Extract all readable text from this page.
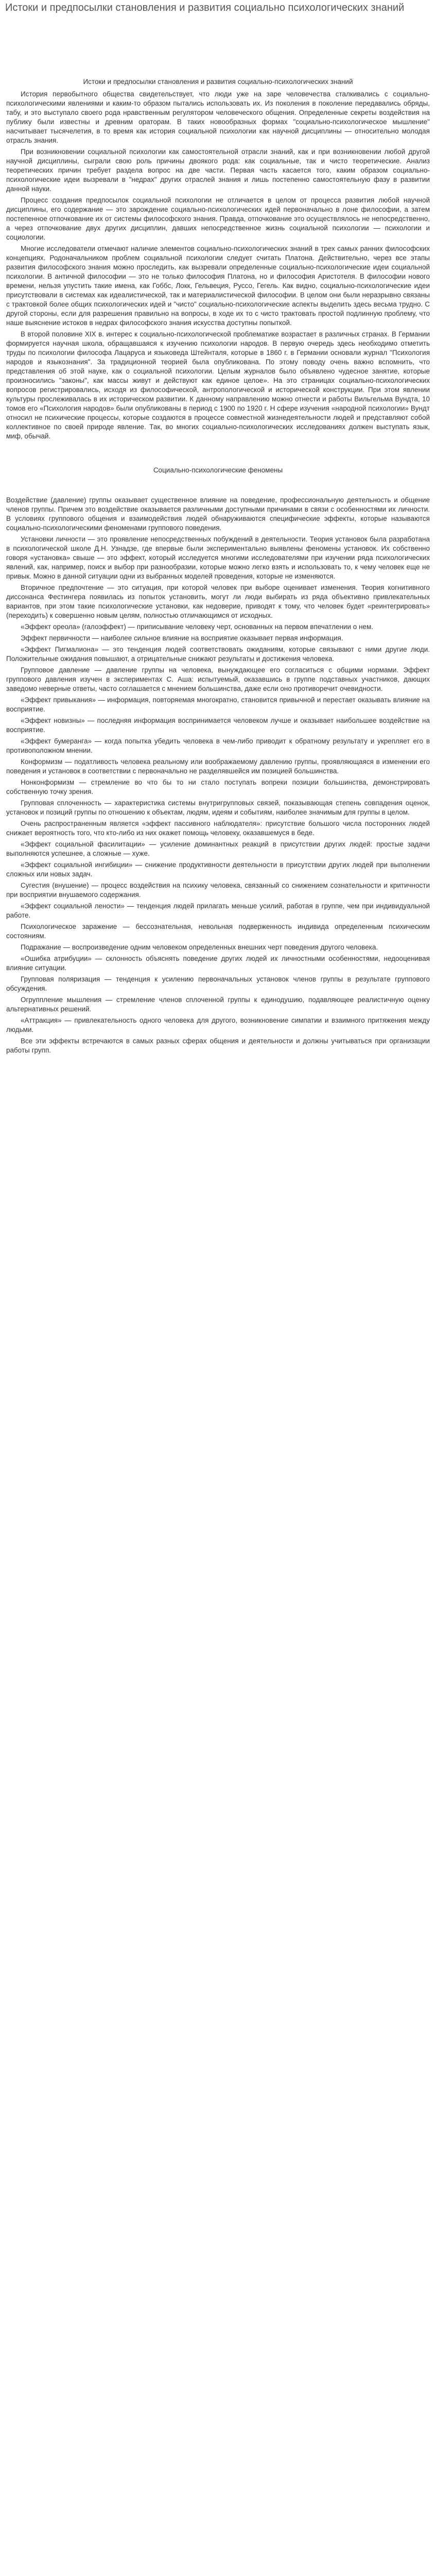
Истоки и предпосылки становления и развития социально психологических знаний
Истоки и предпосылки становления и развития социально-психологических знаний

История первобытного общества свидетельствует, что люди уже на заре человечества сталкивались с социально-психологическими явлениями и каким-то образом пытались использовать их. Из поколения в поколение передавались обряды, табу, и это выступало своего рода нравственным регулятором человеческого общения. Определенные секреты воздействия на публику были известны и древним ораторам. В таких новообразных формах "социально-психологическое мышление" насчитывает тысячелетия, в то время как история социальной психологии как научной дисциплины — относительно молодая отрасль знания.

При возникновении социальной психологии как самостоятельной отрасли знаний, как и при возникновении любой другой научной дисциплины, сыграли свою роль причины двоякого рода: как социальные, так и чисто теоретические. Анализ теоретических причин требует раздела вопрос на две части. Первая часть касается того, каким образом социально-психологические идеи вызревали в "недрах" других отраслей знания и лишь постепенно самостоятельную фазу в развитии данной науки.

Процесс создания предпосылок социальной психологии не отличается в целом от процесса развития любой научной дисциплины, его содержание — это зарождение социально-психологических идей первоначально в лоне философии, а затем постепенное отпочкование их от системы философского знания. Правда, отпочкование это осуществлялось не непосредственно, а через отпочкование двух других дисциплин, давших непосредственное жизнь социальной психологии — психологии и социологии.

Многие исследователи отмечают наличие элементов социально-психологических знаний в трех самых ранних философских концепциях. Родоначальником проблем социальной психологии следует считать Платона. Действительно, через все этапы развития философского знания можно проследить, как вызревали определенные социально-психологические идеи социальной психологии. В античной философии — это не только философия Платона, но и философия Аристотеля. В философии нового времени, нельзя упустить такие имена, как Гоббс, Локк, Гельвеция, Руссо, Гегель. Как видно, социально-психологические идеи присутствовали в системах как идеалистической, так и материалистической философии. В целом они были неразрывно связаны с трактовкой более общих психологических идей и "чисто" социально-психологические аспекты выделить здесь весьма трудно. С другой стороны, если для разрешения правильно на вопросы, в ходе их то с чисто трактовать простой подлинную проблему, что наше выяснение истоков в недрах философского знания искусства доступны попыткой.

В второй половине XIX в. интерес к социально-психологической проблематике возрастает в различных странах. В Германии формируется научная школа, обращавшаяся к изучению психологии народов. В первую очередь здесь необходимо отметить труды по психологии философа Лацаруса и языковеда Штейнталя, которые в 1860 г. в Германии основали журнал "Психология народов и языкознания". За традиционной теорией была опубликована. По этому поводу очень важно вспомнить, что представления об этой науке, как о социальной психологии. Целым журналов было объявлено чудесное занятие, которые произносились "законы", как массы живут и действуют как единое целое». На это страницах социально-психологических вопросов регистрировались, исходя из философической, антропологической и исторической конструкции. При этом явлении культуры прослеживалась в их историческом развитии. К данному направлению можно отнести и работы Вильгельма Вундта, 10 томов его «Психология народов» были опубликованы в период с 1900 по 1920 г. Н сфере изучения «народной психологии» Вундт относил не психические процессы, которые создаются в процессе совместной жизнедеятельности людей и представляют собой коллективное по своей природе явление. Так, во многих социально-психологических исследованиях должен выступать язык, миф, обычай.

Социально-психологические феномены

Воздействие (давление) группы оказывает существенное влияние на поведение, профессиональную деятельность и общение членов группы. Причем это воздействие оказывается различными доступными причинами в связи с особенностями их личности. В условиях группового общения и взаимодействия людей обнаруживаются специфические эффекты, которые называются социально-психологическими феноменами группового поведения.

Установки личности — это проявление непосредственных побуждений в деятельности. Теория установок была разработана в психологической школе Д.Н. Узнадзе, где впервые были экспериментально выявлены феномены установок. Их собственно говоря «установка» свыше — это эффект, который исследуется многими исследователями при изучении ряда психологических явлений, как, например, поиск и выбор при разнообразии, которые можно легко взять и использовать то, к чему человек еще не привык. Можно в данной ситуации одни из выбранных моделей проведения, которые не изменяются.

Вторичное предпочтение — это ситуация, при которой человек при выборе оценивает изменения. Теория когнитивного диссонанса Фестингера появилась из попыток установить, могут ли люди выбирать из ряда объективно привлекательных вариантов, при этом такие психологические установки, как недоверие, приводят к тому, что человек будет «реинтегрировать» (переходить) к совершенно новым целям, полностью отличающимся от исходных.

«Эффект ореола» (галоэффект) — приписывание человеку черт, основанных на первом впечатлении о нем.

Эффект первичности — наиболее сильное влияние на восприятие оказывает первая информация.

«Эффект Пигмалиона» — это тенденция людей соответствовать ожиданиям, которые связывают с ними другие люди. Положительные ожидания повышают, а отрицательные снижают результаты и достижения человека.

Групповое давление — давление группы на человека, вынуждающее его согласиться с общими нормами. Эффект группового давления изучен в экспериментах С. Аша: испытуемый, оказавшись в группе подставных участников, дающих заведомо неверные ответы, часто соглашается с мнением большинства, даже если оно противоречит очевидности.

«Эффект привыкания» — информация, повторяемая многократно, становится привычной и перестает оказывать влияние на восприятие.

«Эффект новизны» — последняя информация воспринимается человеком лучше и оказывает наибольшее воздействие на восприятие.

«Эффект бумеранга» — когда попытка убедить человека в чем-либо приводит к обратному результату и укрепляет его в противоположном мнении.

Конформизм — податливость человека реальному или воображаемому давлению группы, проявляющаяся в изменении его поведения и установок в соответствии с первоначально не разделявшейся им позицией большинства.

Нонконформизм — стремление во что бы то ни стало поступать вопреки позиции большинства, демонстрировать собственную точку зрения.

Групповая сплоченность — характеристика системы внутригрупповых связей, показывающая степень совпадения оценок, установок и позиций группы по отношению к объектам, людям, идеям и событиям, наиболее значимым для группы в целом.

Очень распространенным является «эффект пассивного наблюдателя»: присутствие большого числа посторонних людей снижает вероятность того, что кто-либо из них окажет помощь человеку, оказавшемуся в беде.

«Эффект социальной фасилитации» — усиление доминантных реакций в присутствии других людей: простые задачи выполняются успешнее, а сложные — хуже.

«Эффект социальной ингибиции» — снижение продуктивности деятельности в присутствии других людей при выполнении сложных или новых задач.

Сугестия (внушение) — процесс воздействия на психику человека, связанный со снижением сознательности и критичности при восприятии внушаемого содержания.

«Эффект социальной лености» — тенденция людей прилагать меньше усилий, работая в группе, чем при индивидуальной работе.

Психологическое заражение — бессознательная, невольная подверженность индивида определенным психическим состояниям.

Подражание — воспроизведение одним человеком определенных внешних черт поведения другого человека.

«Ошибка атрибуции» — склонность объяснять поведение других людей их личностными особенностями, недооценивая влияние ситуации.

Групповая поляризация — тенденция к усилению первоначальных установок членов группы в результате группового обсуждения.

Огруппление мышления — стремление членов сплоченной группы к единодушию, подавляющее реалистичную оценку альтернативных решений.

«Аттракция» — привлекательность одного человека для другого, возникновение симпатии и взаимного притяжения между людьми.

Все эти эффекты встречаются в самых разных сферах общения и деятельности и должны учитываться при организации работы групп.
